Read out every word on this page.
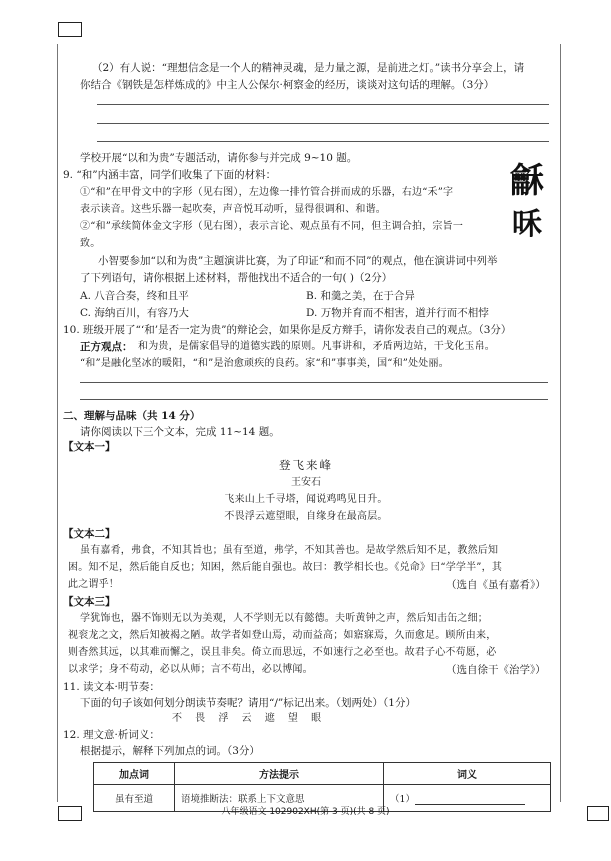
（2）有人说：“理想信念是一个人的精神灵魂，是力量之源，是前进之灯。”读书分享会上，请
你结合《钢铁是怎样炼成的》中主人公保尔·柯察金的经历，谈谈对这句话的理解。（3分）
学校开展“以和为贵”专题活动，请你参与并完成 9~10 题。
9. “和”内涵丰富，同学们收集了下面的材料：
①“和”在甲骨文中的字形（见右图），左边像一排竹管合拼而成的乐器，右边“禾”字
表示读音。这些乐器一起吹奏，声音悦耳动听，显得很调和、和谐。
②“和”承续简体金文字形（见右图），表示言论、观点虽有不同，但主调合拍，宗旨一
致。
龢
咊
小智要参加“以和为贵”主题演讲比赛，为了印证“和而不同”的观点，他在演讲词中列举
了下列语句，请你根据上述材料，帮他找出不适合的一句( )（2分）
A. 八音合奏，终和且平	B. 和羹之美，在于合异
C. 海纳百川，有容乃大	D. 万物并育而不相害，道并行而不相悖
10. 班级开展了“‘和’是否一定为贵”的辩论会，如果你是反方辩手，请你发表自己的观点。（3分）
正方观点： 和为贵，是儒家倡导的道德实践的原则。凡事讲和，矛盾两边站，干戈化玉帛。
“和”是融化坚冰的暖阳，“和”是治愈顽疾的良药。家“和”事事美，国“和”处处丽。
二、理解与品味（共 14 分）
请你阅读以下三个文本，完成 11~14 题。
【文本一】
登飞来峰
王安石
飞来山上千寻塔，闻说鸡鸣见日升。
不畏浮云遮望眼，自缘身在最高层。
【文本二】
虽有嘉肴，弗食，不知其旨也；虽有至道，弗学，不知其善也。是故学然后知不足，教然后知
困。知不足，然后能自反也；知困，然后能自强也。故曰：教学相长也。《兑命》曰“学学半”，其
此之谓乎！	（选自《虽有嘉肴》）
【文本三】
学犹饰也，器不饰则无以为美观，人不学则无以有懿德。夫听黄钟之声，然后知击缶之细；
视衮龙之文，然后知被褐之陋。故学者如登山焉，动而益高；如寤寐焉，久而愈足。顾所由来，
则杳然其远，以其难而懈之，误且非矣。倚立而思远，不如速行之必至也。故君子心不苟愿，必
以求学；身不苟动，必以从师；言不苟出，必以博闻。	（选自徐干《治学》）
11. 读文本·明节奏：
下面的句子该如何划分朗读节奏呢？请用“/”标记出来。（划两处）（1分）
不 畏 浮 云 遮 望 眼
12. 理文意·析词义：
根据提示，解释下列加点的词。（3分）
加点词	方法提示	词义
虽有至道	语境推断法：联系上下文意思	（1）
八年级语文 102902XH(第 3 页)(共 8 页)
